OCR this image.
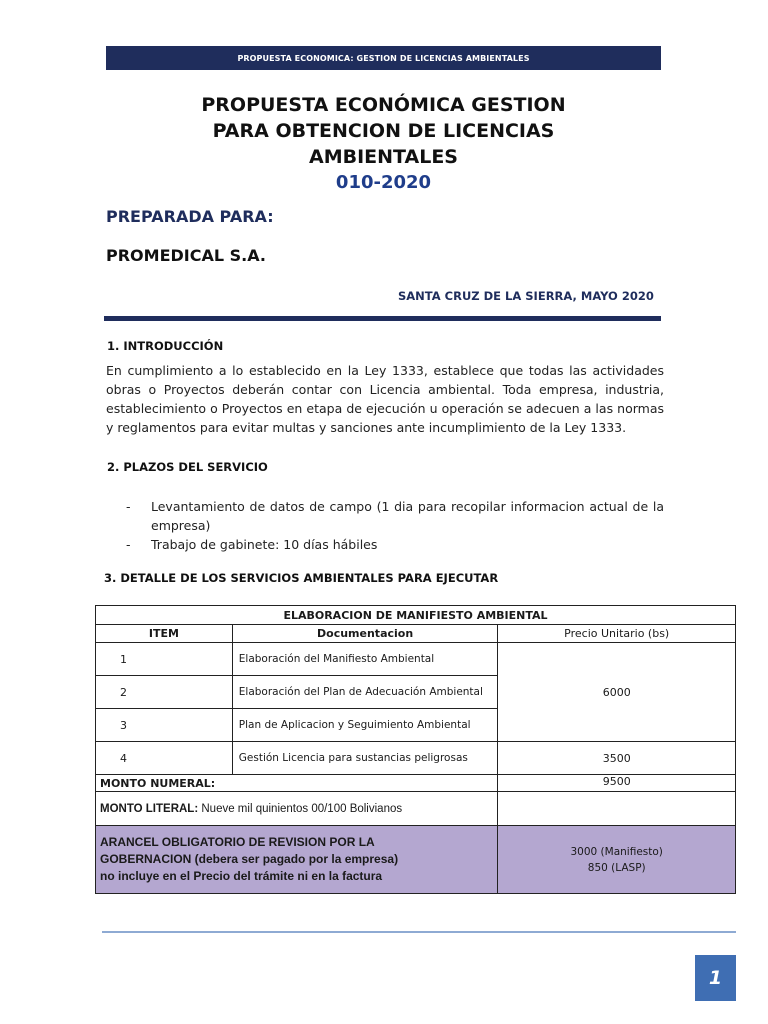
PROPUESTA ECONOMICA: GESTION DE LICENCIAS AMBIENTALES
PROPUESTA ECONÓMICA GESTION
PARA OBTENCION DE LICENCIAS
AMBIENTALES
010-2020
PREPARADA PARA:
PROMEDICAL S.A.
SANTA CRUZ DE LA SIERRA, MAYO 2020
1. INTRODUCCIÓN
En cumplimiento a lo establecido en la Ley 1333, establece que todas las actividades obras o Proyectos deberán contar con Licencia ambiental. Toda empresa, industria, establecimiento o Proyectos en etapa de ejecución u operación se adecuen a las normas y reglamentos para evitar multas y sanciones ante incumplimiento de la Ley 1333.
2. PLAZOS DEL SERVICIO
-	Levantamiento de datos de campo (1 dia para recopilar informacion actual de la empresa)
-	Trabajo de gabinete: 10 días hábiles
3. DETALLE DE LOS SERVICIOS AMBIENTALES PARA EJECUTAR
ELABORACION DE MANIFIESTO AMBIENTAL		
ITEM	Documentacion	Precio Unitario (bs)
1	Elaboración del Manifiesto Ambiental	6000
2	Elaboración del Plan de Adecuación Ambiental	
3	Plan de Aplicacion y Seguimiento Ambiental	
4	Gestión Licencia para sustancias peligrosas	3500
MONTO NUMERAL:		9500
MONTO LITERAL: Nueve mil quinientos 00/100 Bolivianos		
ARANCEL OBLIGATORIO DE REVISION POR LA GOBERNACION (debera ser pagado por la empresa) no incluye en el Precio del trámite ni en la factura		3000 (Manifiesto)
850 (LASP)
1
